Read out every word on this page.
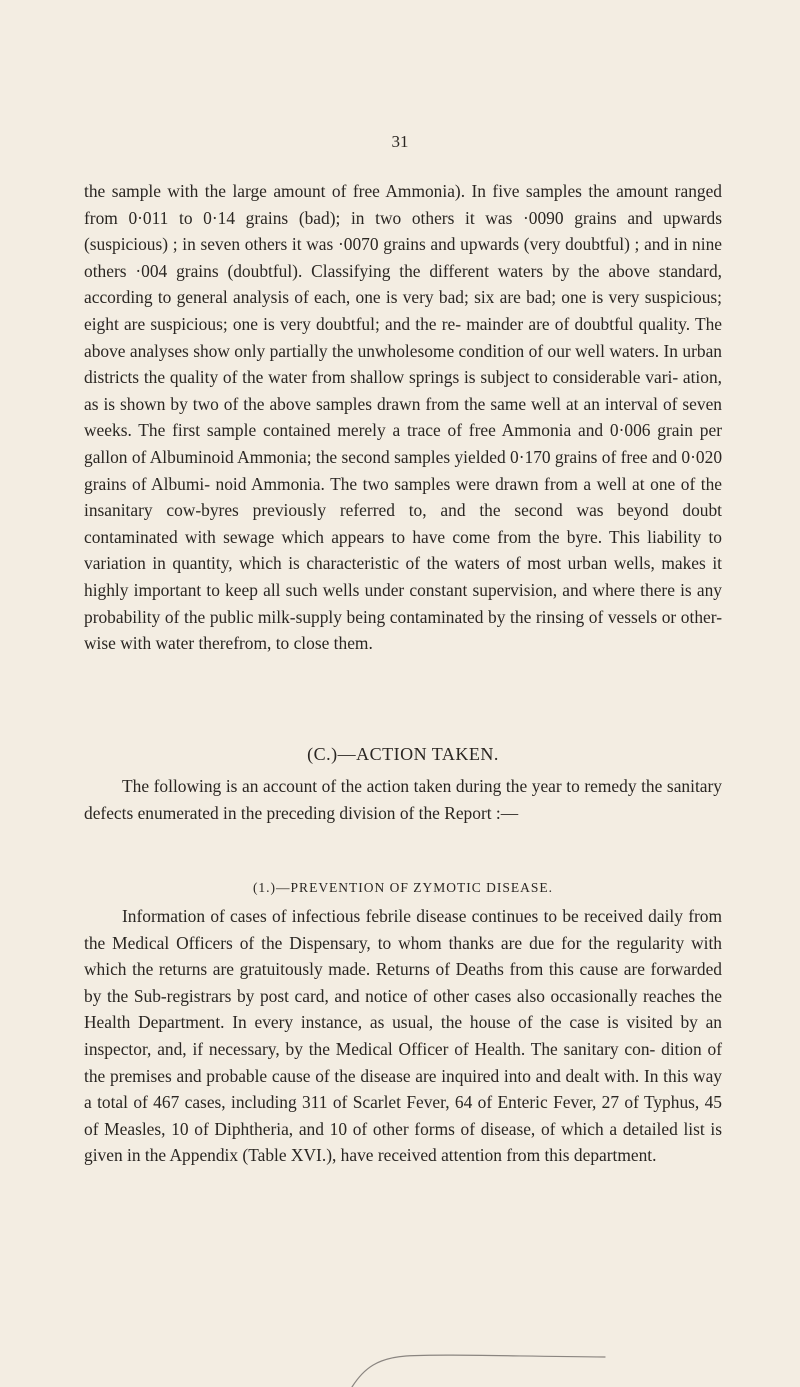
31
the sample with the large amount of free Ammonia). In five samples the amount ranged from 0·011 to 0·14 grains (bad); in two others it was ·0090 grains and upwards (suspicious) ; in seven others it was ·0070 grains and upwards (very doubtful) ; and in nine others ·004 grains (doubtful). Classifying the different waters by the above standard, according to general analysis of each, one is very bad; six are bad; one is very suspicious; eight are suspicious; one is very doubtful; and the re- mainder are of doubtful quality. The above analyses show only partially the unwholesome condition of our well waters. In urban districts the quality of the water from shallow springs is subject to considerable vari- ation, as is shown by two of the above samples drawn from the same well at an interval of seven weeks. The first sample contained merely a trace of free Ammonia and 0·006 grain per gallon of Albuminoid Ammonia; the second samples yielded 0·170 grains of free and 0·020 grains of Albumi- noid Ammonia. The two samples were drawn from a well at one of the insanitary cow-byres previously referred to, and the second was beyond doubt contaminated with sewage which appears to have come from the byre. This liability to variation in quantity, which is characteristic of the waters of most urban wells, makes it highly important to keep all such wells under constant supervision, and where there is any probability of the public milk-supply being contaminated by the rinsing of vessels or other- wise with water therefrom, to close them.
(C.)—ACTION TAKEN.
The following is an account of the action taken during the year to remedy the sanitary defects enumerated in the preceding division of the Report :—
(1.)—PREVENTION OF ZYMOTIC DISEASE.
Information of cases of infectious febrile disease continues to be received daily from the Medical Officers of the Dispensary, to whom thanks are due for the regularity with which the returns are gratuitously made. Returns of Deaths from this cause are forwarded by the Sub-registrars by post card, and notice of other cases also occasionally reaches the Health Department. In every instance, as usual, the house of the case is visited by an inspector, and, if necessary, by the Medical Officer of Health. The sanitary con- dition of the premises and probable cause of the disease are inquired into and dealt with. In this way a total of 467 cases, including 311 of Scarlet Fever, 64 of Enteric Fever, 27 of Typhus, 45 of Measles, 10 of Diphtheria, and 10 of other forms of disease, of which a detailed list is given in the Appendix (Table XVI.), have received attention from this department.
